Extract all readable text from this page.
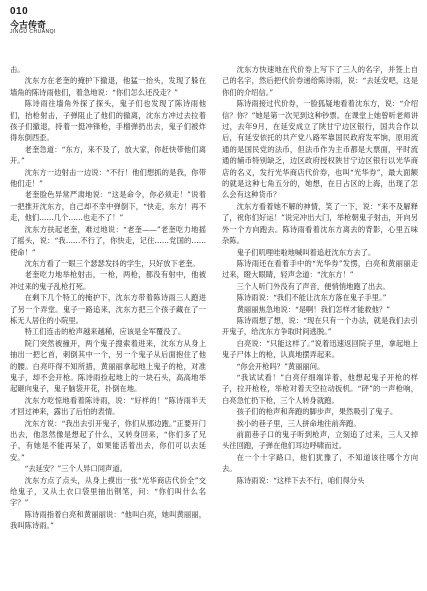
010
今古传奇
JINGU CHUANQI

击。

沈东方在老奎的掩护下撤退，他猛一抬头，发现了躲在墙角的陈诗雨他们，着急地说：“你们怎么还没走？”

陈诗雨往墙角外探了探头，鬼子们也发现了陈诗雨他们，抬枪射击，子弹阻止了他们的撤离，沈东方冲过去拉着孩子们撤退，持着一挺冲锋枪，手榴弹扔出去，鬼子们被炸得东倒西歪。

老奎急道：“东方，来不及了，放大家，你赶快带他们离开。”

沈东方一边射击一边说：“不行！他们想抓的是我，你带他们走！”

老奎脸色异常严肃地说：“这是命令，你必须走！”说着一把推开沈东方，自己却不幸中弹倒下，“快走，东方！再不走，他们……几个……也走不了！”

沈东方扶起老奎，难过地说：“老奎——”老奎吃力地摇了摇头，说：“我……不行了，你快走，记住……党国的……使命！”

沈东方看了一眼三个瑟瑟发抖的学生，只好放下老奎。

老奎吃力地举枪射击，一枪，两枪，都没有射中，他被冲过来的鬼子乱枪打死。

在剩下几个特工的掩护下，沈东方带着陈诗雨三人跑进了另一个弄堂。鬼子一路追来，沈东方把三个孩子藏在了一栋无人居住的小院里。

特工们连击的枪声越来越稀，应该是全军覆没了。

院门突然被撞开，两个鬼子搜索着进来，沈东方从身上抽出一把匕首，刺倒其中一个，另一个鬼子从后面抱住了他的腰。白亮吓得不知所措，黄丽丽拿起地上鬼子的枪，对准鬼子，却不会开枪。陈诗雨捡起地上的一块石头，高高地举起砸向鬼子，鬼子脑袋开花，扑倒在地。

沈东方吃惊地看着陈诗雨，说：“好样的！”陈诗雨半天才回过神来，露出了后怕的表情。

沈东方说：“我出去引开鬼子，你们从那边跑。”正要开门出去，他忽然像是想起了什么，又转身回来，“你们多了兄子，有她是不能再呆了，如果能活着出去，你们可以去延安。”

“去延安？”三个人异口同声道。

沈东方点了点头，从身上摸出一张“光华商店代价全”交给鬼子，又从土衣口袋里抽出钢笔，问：“你们叫什么名字？”

陈诗雨指着白亮和黄丽丽说：“他叫白亮，她叫黄丽丽，我叫陈诗雨。”

沈东方快速地在代价券上写下了三人的名字，并签上自己的名字，然后把代价券递给陈诗雨，说：“去延安吧，这是你们的介绍信。”

陈诗雨接过代价券，一脸狐疑地看着沈东方，说：“介绍信？你？”她是第一次见到这种钞票。在课堂上她曾听老师讲过，去年9月，在延安成立了陕甘宁边区银行，国共合作以后，有延安依托的共产党八路军靠国民政府发军饷，原用流通的是国民党的法币，但法币作为主币都是大票面，平时流通的辅币特别缺乏，边区政府授权陕甘宁边区银行以光华商店的名义，发行光华商店代价券，也叫“光华券”，最大面额的就是这种七角五分的，她想，在日占区的上海，出现了怎么会有这种货币？

沈东方看着她不解的神情，笑了一下，说：“来不及解释了，祝你们好运！”说完冲出大门，举枪朝鬼子射击，开向另外一个方向跑去。陈诗雨看着沈东方离去的背影，心里五味杂陈。

鬼子们叽哩哇啦地喊叫着追赶沈东方去了。

陈诗雨还在看着手中的“光华券”发愣，白亮和黄丽丽走过来，瞪大眼睛，轻声念道：“沈东方！”

三个人听门外没有了声音，便悄悄地跑了出去。

陈诗雨说：“我们不能让沈东方落在鬼子手里。”

黄丽丽焦急地说：“是啊！我们怎样才能救他？”

陈诗雨想了想，说：“现在只有一个办法，就是我们去引开鬼子，给沈东方争取时间逃脱。”

白亮说：“只能这样了。”说着迅速返回院子里，拿起地上鬼子尸体上的枪，认真地摆弄起来。

“你会开枪吗？”黄丽丽问。

“我试试看！”白亮仔细端详着，他想起鬼子开枪的样子，拉开枪栓，举枪对着天空拉动扳机。“砰”的一声枪响，白亮急忙扔下枪，三个人转身就跑。

孩子们的枪声和奔跑的脚步声，果然吸引了鬼子。

挨小的巷子里，三人拼命地往前奔跑。

前面巷子口的鬼子听到枪声，立刻追了过来，三人又掉头往回跑，子弹在他们耳边呼啸而过。

在一个十字路口，他们犹豫了，不知道该往哪个方向去。

陈诗雨说：“这样下去不行，咱们得分头
